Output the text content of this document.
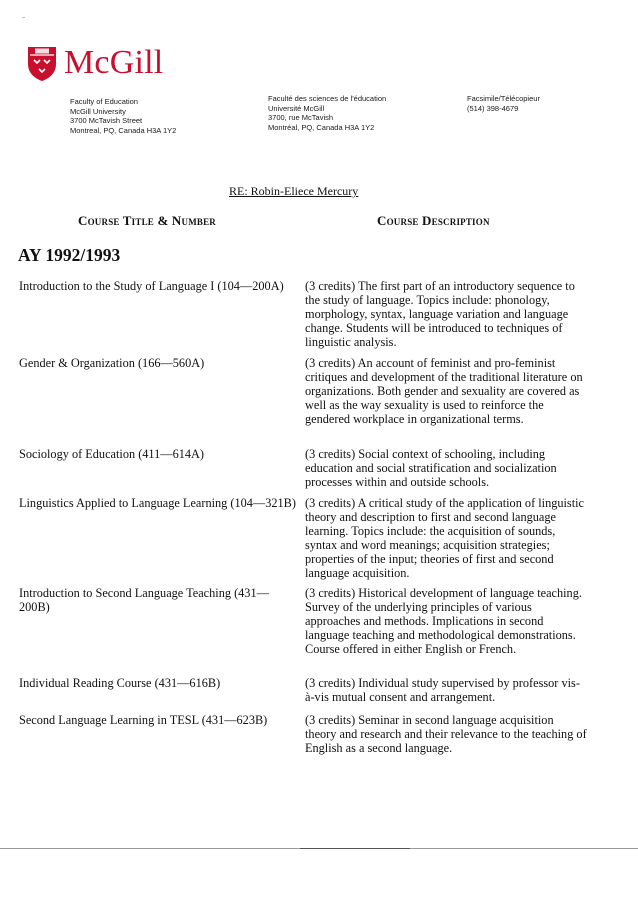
McGill
Faculty of Education
McGill University
3700 McTavish Street
Montreal, PQ, Canada H3A 1Y2
Faculté des sciences de l'éducation
Université McGill
3700, rue McTavish
Montréal, PQ, Canada H3A 1Y2
Facsimile/Télécopieur
(514) 398-4679
RE: Robin-Eliece Mercury
Course Title & Number	Course Description
AY 1992/1993
Introduction to the Study of Language I (104—200A)	(3 credits) The first part of an introductory sequence to the study of language. Topics include: phonology, morphology, syntax, language variation and language change. Students will be introduced to techniques of linguistic analysis.
Gender & Organization (166—560A)	(3 credits) An account of feminist and pro-feminist critiques and development of the traditional literature on organizations. Both gender and sexuality are covered as well as the way sexuality is used to reinforce the gendered workplace in organizational terms.
Sociology of Education (411—614A)	(3 credits) Social context of schooling, including education and social stratification and socialization processes within and outside schools.
Linguistics Applied to Language Learning (104—321B) (3 credits) A critical study of the application of linguistic theory and description to first and second language learning. Topics include: the acquisition of sounds, syntax and word meanings; acquisition strategies; properties of the input; theories of first and second language acquisition.
Introduction to Second Language Teaching (431—200B)
(3 credits) Historical development of language teaching. Survey of the underlying principles of various approaches and methods. Implications in second language teaching and methodological demonstrations. Course offered in either English or French.
Individual Reading Course (431—616B)	(3 credits) Individual study supervised by professor vis-à-vis mutual consent and arrangement.
Second Language Learning in TESL (431—623B)	(3 credits) Seminar in second language acquisition theory and research and their relevance to the teaching of English as a second language.
